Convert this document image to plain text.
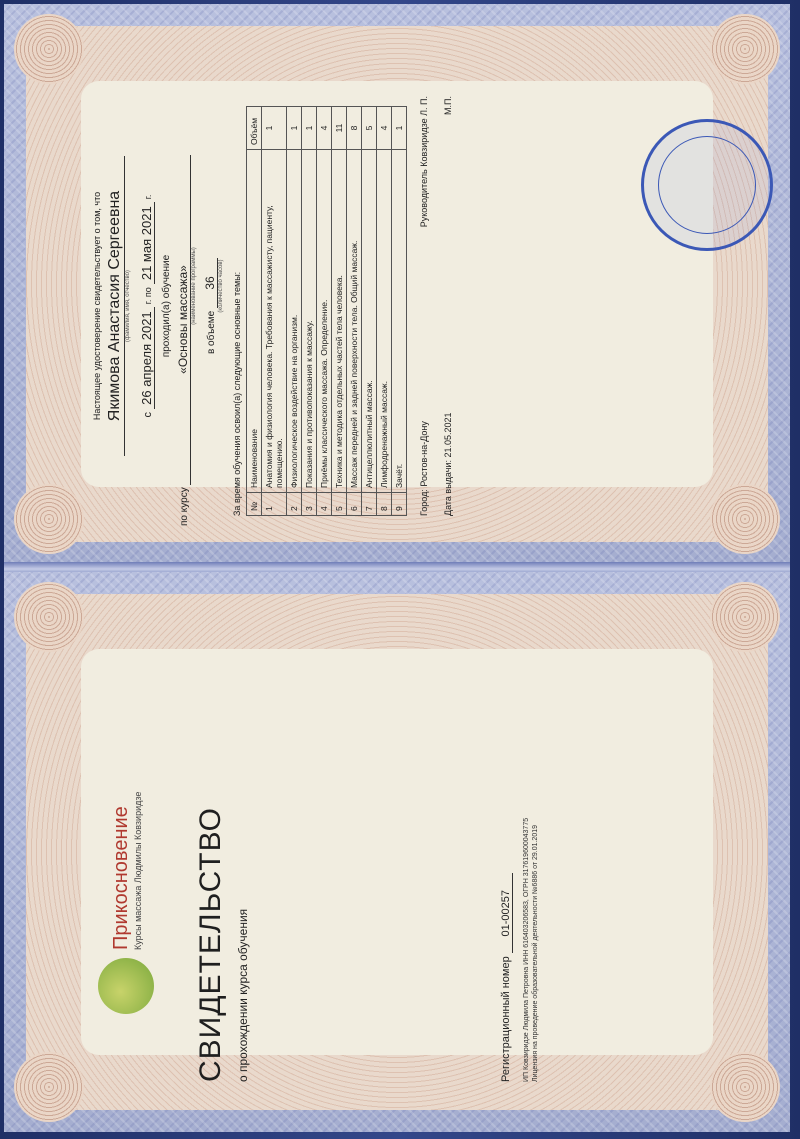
Настоящее удостоверение свидетельствует о том, что Якимова Анастасия Сергеевна (фамилия, имя, отчество)
с 26 апреля 2021 г. по 21 мая 2021 г.
проходил(а) обучение
по курсу «Основы массажа» (наименование программы)
в объеме 36 (количество часов) За время обучения освоил(а) следующие основные темы: №	Наименование	Объём
1	Анатомия и физиология человека. Требования к массажисту, пациенту, помещению.	1
2	Физиологическое воздействие на организм.	1
3	Показания и противопоказания к массажу.	1
4	Приёмы классического массажа. Определение.	4
5	Техника и методика отдельных частей тела человека.	11
6	Массаж передней и задней поверхности тела. Общий массаж.	8
7	Антицеллюлитный массаж.	5
8	Лимфодренажный массаж.	4
9	Зачёт.	1
Город: Ростов-на-Дону
Руководитель Ковзиридзе Л. П.
Дата выдачи: 21.05.2021
М.П.
Прикосновение Курсы массажа Людмилы Ковзиридзе СВИДЕТЕЛЬСТВО о прохождении курса обучения	Регистрационный номер 01-00257 ИП Ковзиридзе Людмила Петровна ИНН 616403206583, ОГРН 317619600043775 Лицензия на проведение образовательной деятельности №6886 от 29.01.2019
